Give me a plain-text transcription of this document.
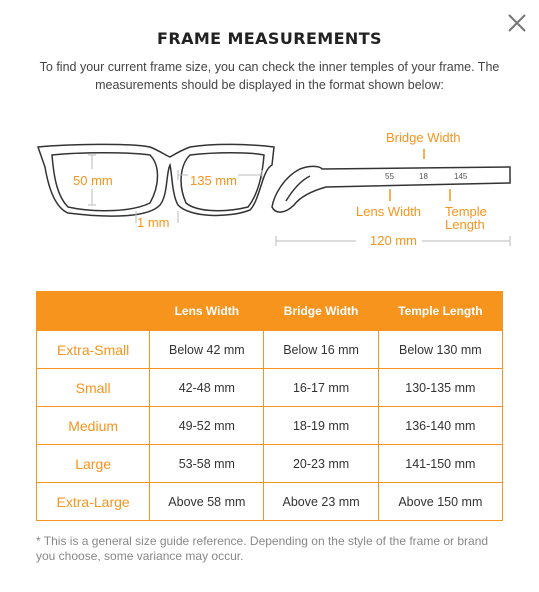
FRAME MEASUREMENTS
To find your current frame size, you can check the inner temples of your frame. The measurements should be displayed in the format shown below:
50 mm	135 mm
1 mm
55	18	145
Bridge Width
Lens Width Temple
Length
120 mm
	Lens Width	Bridge Width	Temple Length
Extra-Small	Below 42 mm	Below 16 mm	Below 130 mm
Small	42-48 mm	16-17 mm	130-135 mm
Medium	49-52 mm	18-19 mm	136-140 mm
Large	53-58 mm	20-23 mm	141-150 mm
Extra-Large	Above 58 mm	Above 23 mm	Above 150 mm
* This is a general size guide reference. Depending on the style of the frame or brand you choose, some variance may occur.
